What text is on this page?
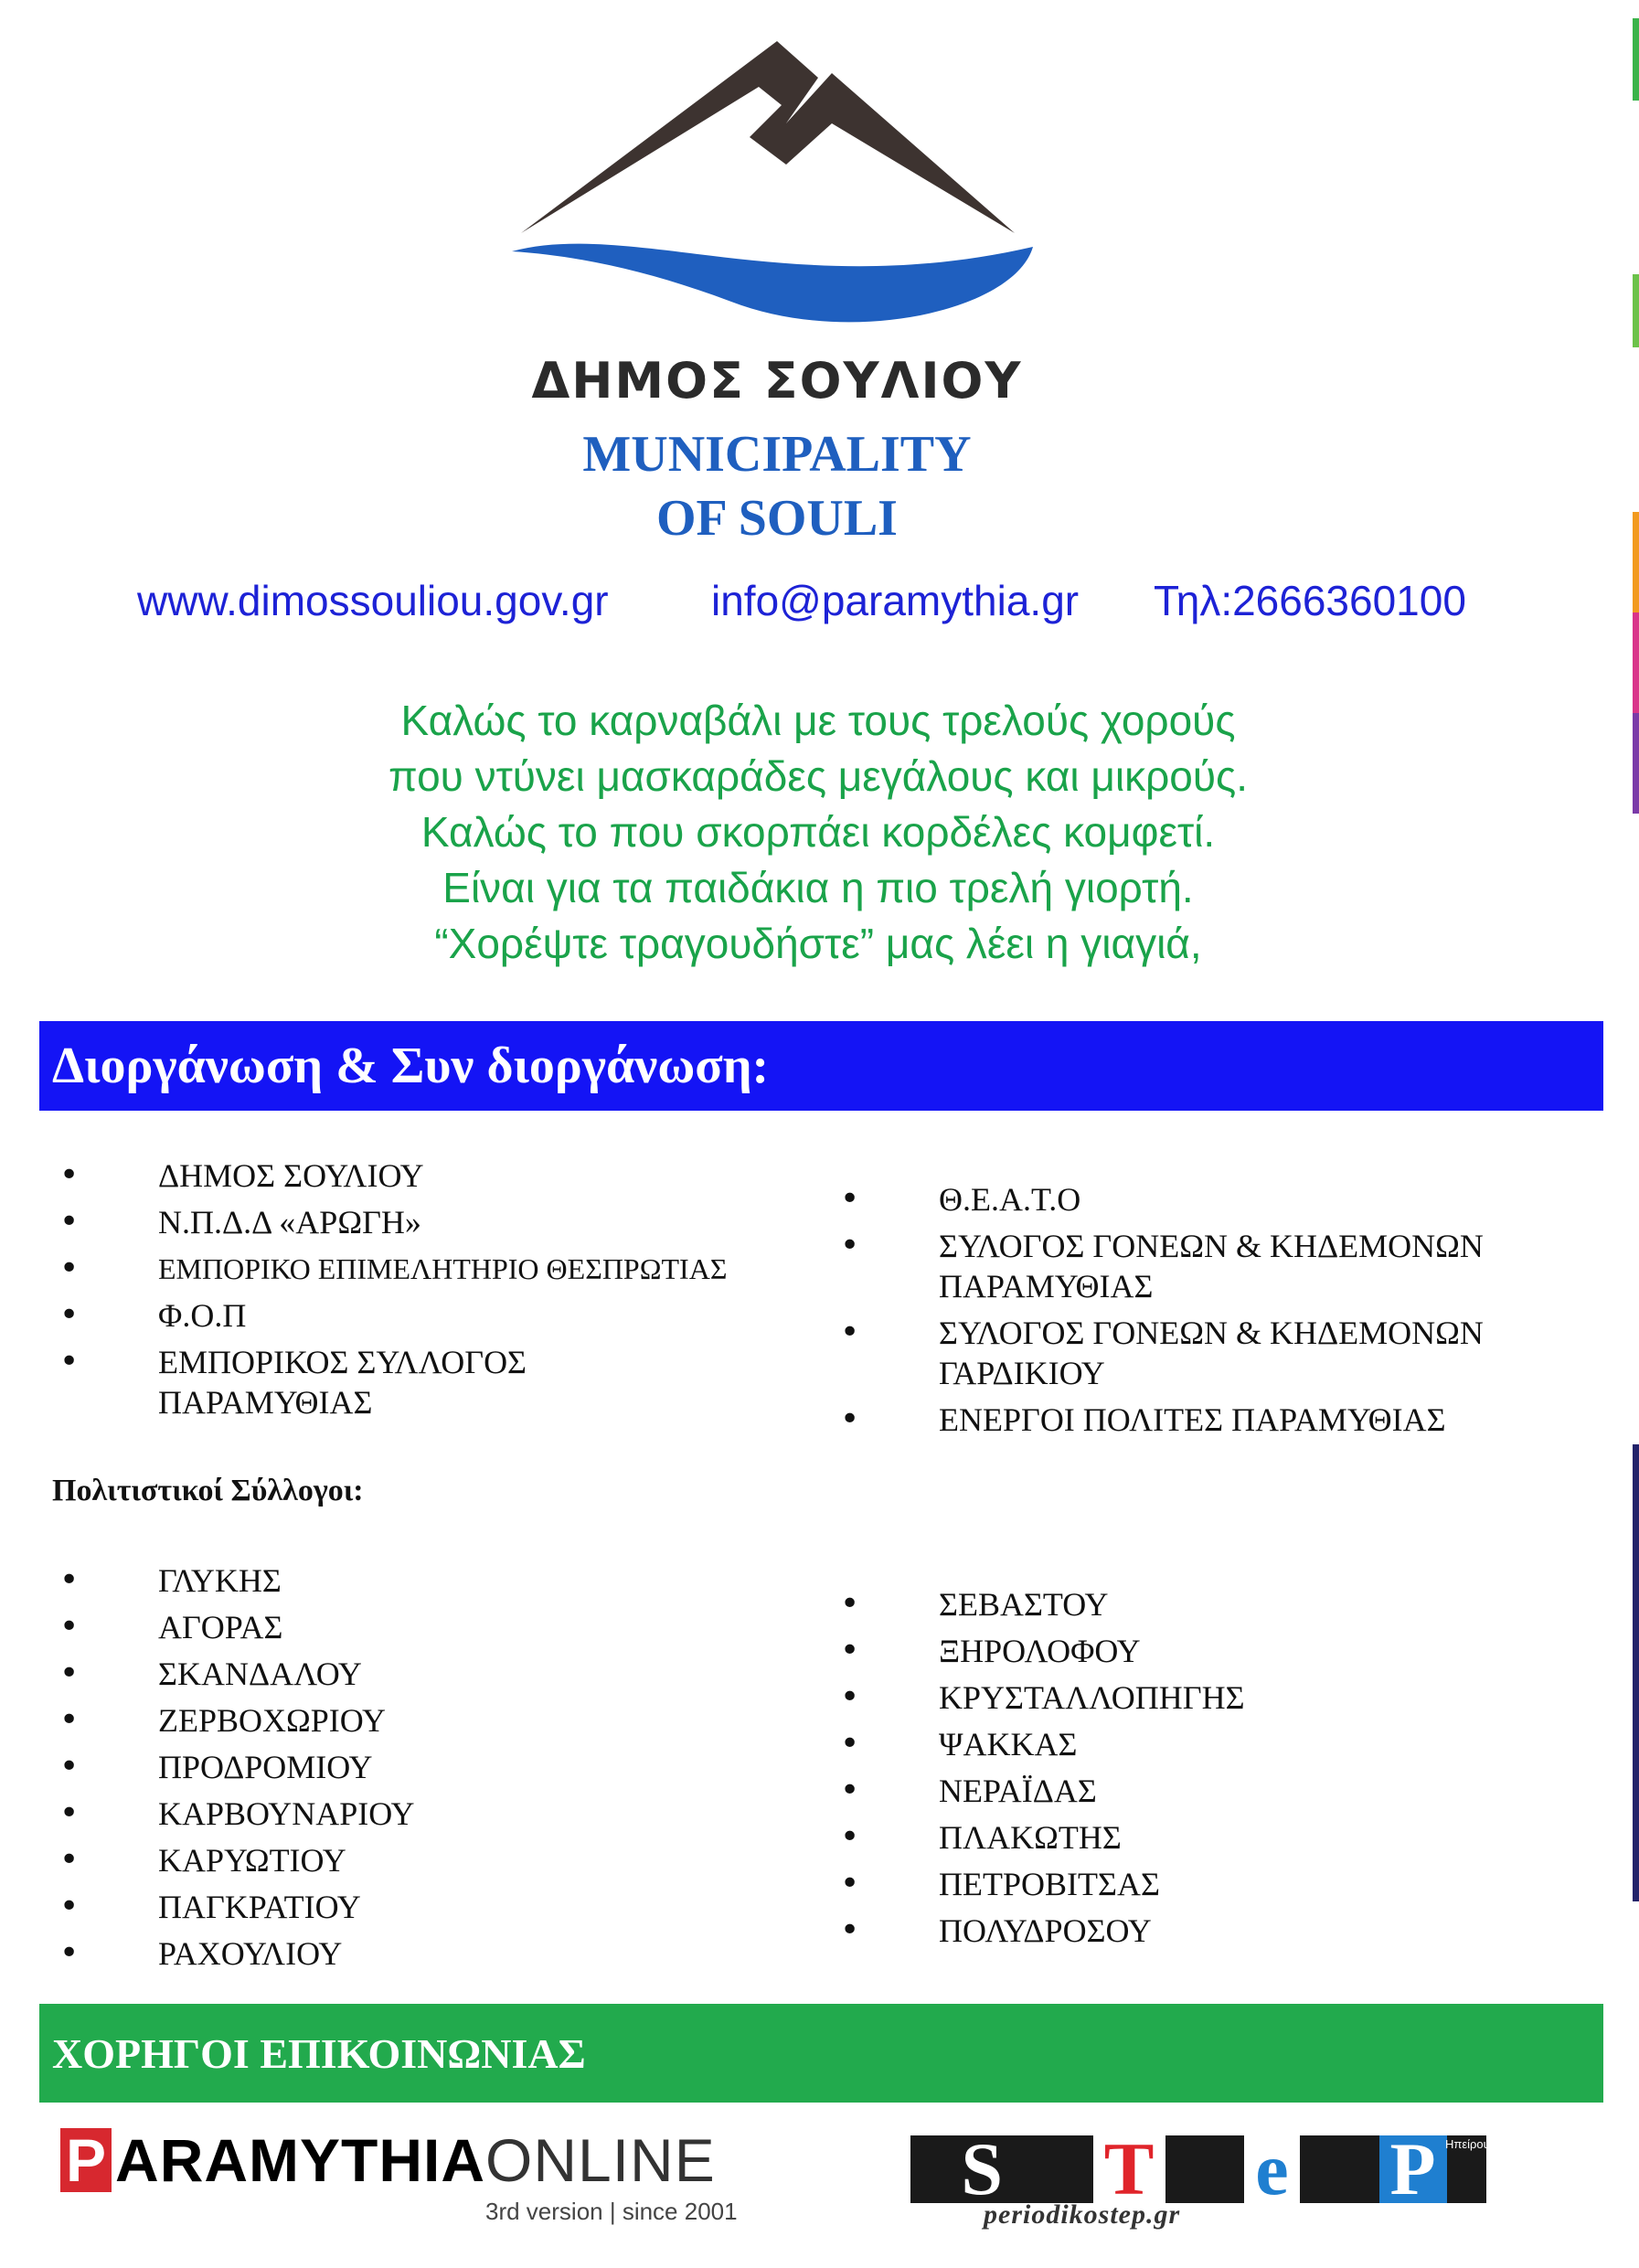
ΔΗΜΟΣ ΣΟΥΛΙΟΥ
MUNICIPALITY
OF SOULI
www.dimossouliou.gov.gr info@paramythia.gr Τηλ:2666360100
Καλώς το καρναβάλι με τους τρελούς χορούς
που ντύνει μασκαράδες μεγάλους και μικρούς.
Καλώς το που σκορπάει κορδέλες κομφετί.
Είναι για τα παιδάκια η πιο τρελή γιορτή.
“Χορέψτε τραγουδήστε” μας λέει η γιαγιά,
Διοργάνωση & Συν διοργάνωση:
• ΔΗΜΟΣ ΣΟΥΛΙΟΥ
• Ν.Π.Δ.Δ «ΑΡΩΓΗ»
•	ΕΜΠΟΡΙΚΟ ΕΠΙΜΕΛΗΤΗΡΙΟ ΘΕΣΠΡΩΤΙΑΣ
• Φ.Ο.Π
• ΕΜΠΟΡΙΚΟΣ ΣΥΛΛΟΓΟΣ ΠΑΡΑΜΥΘΙΑΣ
• Θ.Ε.Α.Τ.Ο
• ΣΥΛΟΓΟΣ ΓΟΝΕΩΝ & ΚΗΔΕΜΟΝΩΝ ΠΑΡΑΜΥΘΙΑΣ
• ΣΥΛΟΓΟΣ ΓΟΝΕΩΝ & ΚΗΔΕΜΟΝΩΝ ΓΑΡΔΙΚΙΟΥ
• ΕΝΕΡΓΟΙ ΠΟΛΙΤΕΣ ΠΑΡΑΜΥΘΙΑΣ
Πολιτιστικοί Σύλλογοι:
• ΓΛΥΚΗΣ
• ΑΓΟΡΑΣ
• ΣΚΑΝΔΑΛΟΥ
• ΖΕΡΒΟΧΩΡΙΟΥ
• ΠΡΟΔΡΟΜΙΟΥ
• ΚΑΡΒΟΥΝΑΡΙΟΥ
• ΚΑΡΥΩΤΙΟΥ
• ΠΑΓΚΡΑΤΙΟΥ
• ΡΑΧΟΥΛΙΟΥ
• ΣΕΒΑΣΤΟΥ
• ΞΗΡΟΛΟΦΟΥ
• ΚΡΥΣΤΑΛΛΟΠΗΓΗΣ
• ΨΑΚΚΑΣ
• ΝΕΡΑΪΔΑΣ
• ΠΛΑΚΩΤΗΣ
• ΠΕΤΡΟΒΙΤΣΑΣ
• ΠΟΛΥΔΡΟΣΟΥ
ΧΟΡΗΓΟΙ ΕΠΙΚΟΙΝΩΝΙΑΣ
P ARAMYTHIAONLINE
3rd version | since 2001
S T e P Ηπείρου
periodikostep.gr
